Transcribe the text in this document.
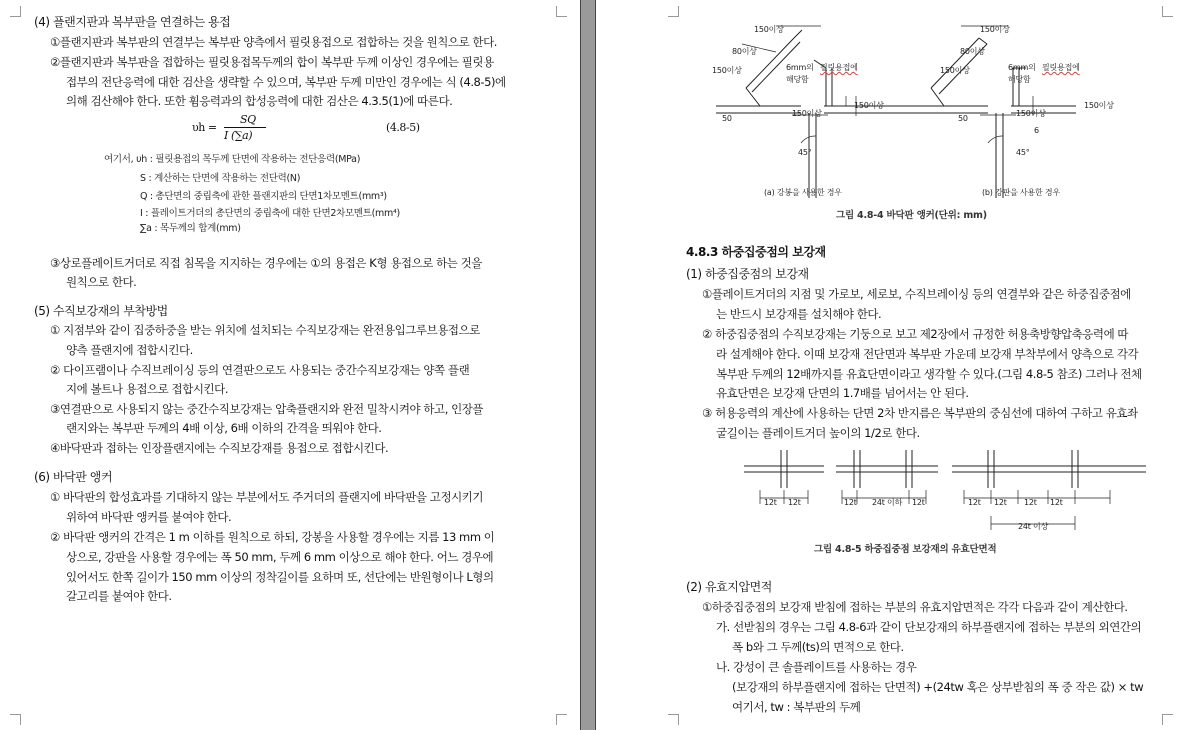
(4) 플랜지판과 복부판을 연결하는 용접
①플랜지판과 복부판의 연결부는 복부판 양측에서 필릿용접으로 접합하는 것을 원칙으로 한다.
②플랜지판과 복부판을 접합하는 필릿용접목두께의 합이 복부판 두께 이상인 경우에는 필릿용
접부의 전단응력에 대한 검산을 생략할 수 있으며, 복부판 두께 미만인 경우에는 식 (4.8-5)에
의해 검산해야 한다. 또한 휨응력과의 합성응력에 대한 검산은 4.3.5(1)에 따른다.
υh =
SQ
I (∑a)
(4.8-5)
여기서, υh : 필릿용접의 목두께 단면에 작용하는 전단응력(MPa)
S : 계산하는 단면에 작용하는 전단력(N)
Q : 총단면의 중립축에 관한 플랜지판의 단면1차모멘트(mm³)
I : 플레이트거더의 총단면의 중립축에 대한 단면2차모멘트(mm⁴)
∑a : 목두께의 합계(mm)
③상로플레이트거더로 직접 침목을 지지하는 경우에는 ①의 용접은 K형 용접으로 하는 것을
원칙으로 한다.
(5) 수직보강재의 부착방법
① 지점부와 같이 집중하중을 받는 위치에 설치되는 수직보강재는 완전용입그루브용접으로
양측 플랜지에 접합시킨다.
② 다이프램이나 수직브레이싱 등의 연결판으로도 사용되는 중간수직보강재는 양쪽 플랜
지에 볼트나 용접으로 접합시킨다.
③연결판으로 사용되지 않는 중간수직보강재는 압축플랜지와 완전 밀착시켜야 하고, 인장플
랜지와는 복부판 두께의 4배 이상, 6배 이하의 간격을 띄워야 한다.
④바닥판과 접하는 인장플랜지에는 수직보강재를 용접으로 접합시킨다.
(6) 바닥판 앵커
① 바닥판의 합성효과를 기대하지 않는 부분에서도 주거더의 플랜지에 바닥판을 고정시키기
위하여 바닥판 앵커를 붙여야 한다.
② 바닥판 앵커의 간격은 1 m 이하를 원칙으로 하되, 강봉을 사용할 경우에는 지름 13 mm 이
상으로, 강판을 사용할 경우에는 폭 50 mm, 두께 6 mm 이상으로 해야 한다. 어느 경우에
있어서도 한쪽 길이가 150 mm 이상의 정착길이를 요하며 또, 선단에는 반원형이나 L형의
갈고리를 붙여야 한다.
150이상
80이상
150이상	6mm의 필릿용접에
해당함
150이상
150이상
50
45°
(a) 강봉을 사용한 경우
150이상
80이상
150이상	6mm의 필릿용접에
해당함
150이상
150이상
50
6
45°
(b) 강판을 사용한 경우
그림 4.8-4 바닥판 앵커(단위: mm)
4.8.3 하중집중점의 보강재
(1) 하중집중점의 보강재
①플레이트거더의 지점 및 가로보, 세로보, 수직브레이싱 등의 연결부와 같은 하중집중점에
는 반드시 보강재를 설치해야 한다.
② 하중집중점의 수직보강재는 기둥으로 보고 제2장에서 규정한 허용축방향압축응력에 따
라 설계해야 한다. 이때 보강재 전단면과 복부판 가운데 보강재 부착부에서 양측으로 각각
복부판 두께의 12배까지를 유효단면이라고 생각할 수 있다.(그림 4.8-5 참조) 그러나 전체
유효단면은 보강재 단면의 1.7배를 넘어서는 안 된다.
③ 허용응력의 계산에 사용하는 단면 2차 반지름은 복부판의 중심선에 대하여 구하고 유효좌
굴길이는 플레이트거더 높이의 1/2로 한다.
12t 12t	12t 24t 이하 12t	12t 12t 12t 12t
24t 이상
그림 4.8-5 하중집중점 보강재의 유효단면적
(2) 유효지압면적
①하중집중점의 보강재 받침에 접하는 부분의 유효지압면적은 각각 다음과 같이 계산한다.
가. 선받침의 경우는 그림 4.8-6과 같이 단보강재의 하부플랜지에 접하는 부분의 외연간의
폭 b와 그 두께(ts)의 면적으로 한다.
나. 강성이 큰 솔플레이트를 사용하는 경우
(보강재의 하부플랜지에 접하는 단면적) +(24tw 혹은 상부받침의 폭 중 작은 값) × tw
여기서, tw : 복부판의 두께
